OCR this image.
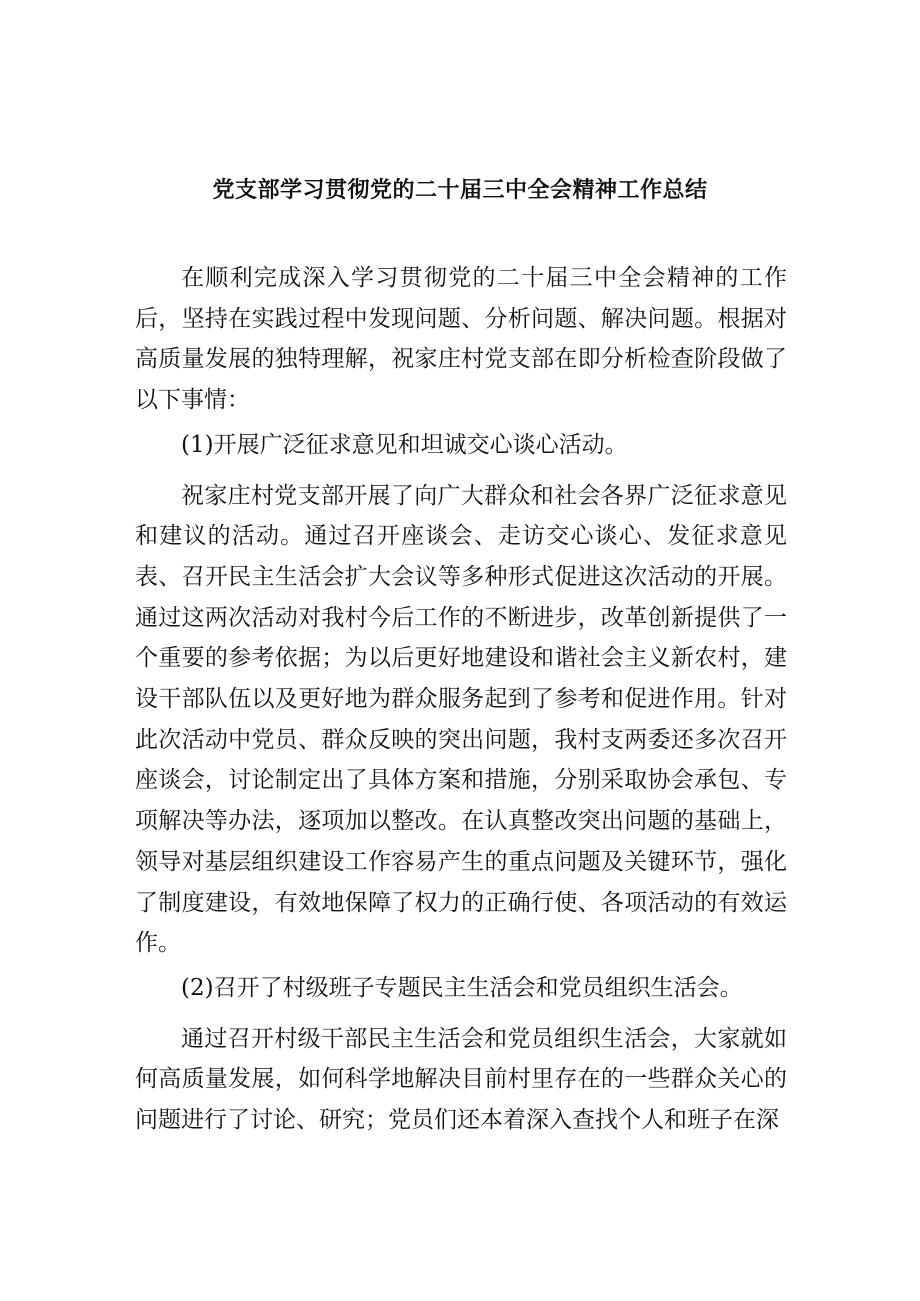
党支部学习贯彻党的二十届三中全会精神工作总结

在顺利完成深入学习贯彻党的二十届三中全会精神的工作后，坚持在实践过程中发现问题、分析问题、解决问题。根据对高质量发展的独特理解，祝家庄村党支部在即分析检查阶段做了以下事情：

(1)开展广泛征求意见和坦诚交心谈心活动。

祝家庄村党支部开展了向广大群众和社会各界广泛征求意见和建议的活动。通过召开座谈会、走访交心谈心、发征求意见表、召开民主生活会扩大会议等多种形式促进这次活动的开展。通过这两次活动对我村今后工作的不断进步，改革创新提供了一个重要的参考依据；为以后更好地建设和谐社会主义新农村，建设干部队伍以及更好地为群众服务起到了参考和促进作用。针对此次活动中党员、群众反映的突出问题，我村支两委还多次召开座谈会，讨论制定出了具体方案和措施，分别采取协会承包、专项解决等办法，逐项加以整改。在认真整改突出问题的基础上，领导对基层组织建设工作容易产生的重点问题及关键环节，强化了制度建设，有效地保障了权力的正确行使、各项活动的有效运作。

(2)召开了村级班子专题民主生活会和党员组织生活会。

通过召开村级干部民主生活会和党员组织生活会，大家就如何高质量发展，如何科学地解决目前村里存在的一些群众关心的问题进行了讨论、研究；党员们还本着深入查找个人和班子在深
